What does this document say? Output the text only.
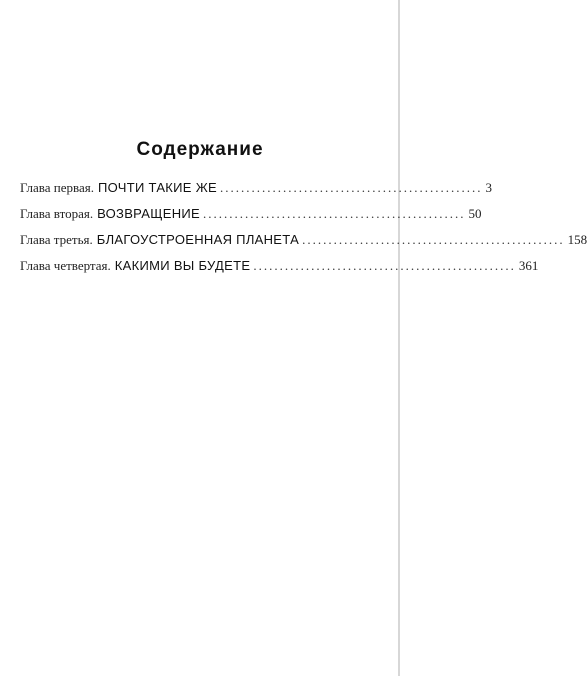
Содержание
Глава первая. ПОЧТИ ТАКИЕ ЖЕ .................................................. 3
Глава вторая. ВОЗВРАЩЕНИЕ .................................................. 50
Глава третья. БЛАГОУСТРОЕННАЯ ПЛАНЕТА .................................................. 158
Глава четвертая. КАКИМИ ВЫ БУДЕТЕ .................................................. 361
